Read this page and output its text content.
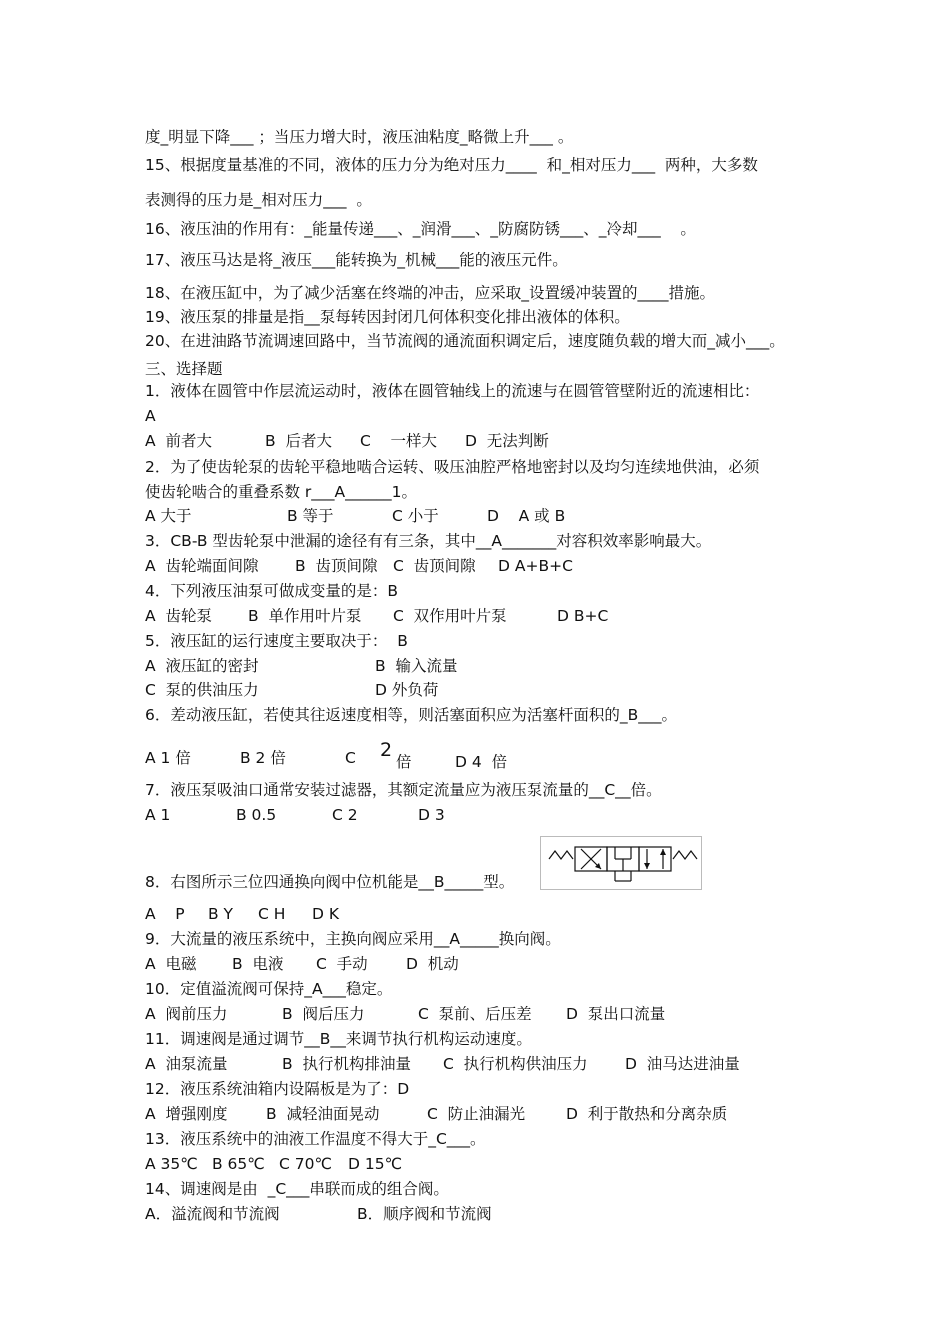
度_明显下降___ ；当压力增大时，液压油粘度_略微上升___ 。
15、根据度量基准的不同，液体的压力分为绝对压力____  和_相对压力___  两种，大多数
表测得的压力是_相对压力___  。
16、液压油的作用有：_能量传递___、_润滑___、_防腐防锈___、_冷却___    。
17、液压马达是将_液压___能转换为_机械___能的液压元件。
18、在液压缸中，为了减少活塞在终端的冲击，应采取_设置缓冲装置的____措施。
19、液压泵的排量是指__泵每转因封闭几何体积变化排出液体的体积。
20、在进油路节流调速回路中，当节流阀的通流面积调定后，速度随负载的增大而_减小___。
三、选择题
1．液体在圆管中作层流运动时，液体在圆管轴线上的流速与在圆管管壁附近的流速相比：
A
A  前者大	B  后者大 C    一样大 D  无法判断
2．为了使齿轮泵的齿轮平稳地啮合运转、吸压油腔严格地密封以及均匀连续地供油，必须
使齿轮啮合的重叠系数 r___A______1。
A 大于	B 等于	C 小于	D    A 或 B
3．CB-B 型齿轮泵中泄漏的途径有有三条，其中__A_______对容积效率影响最大。
A  齿轮端面间隙 B  齿顶间隙 C  齿顶间隙 D A+B+C
4．下列液压油泵可做成变量的是：B
A  齿轮泵 B  单作用叶片泵 C  双作用叶片泵	D B+C
5．液压缸的运行速度主要取决于：  B
A  液压缸的密封	B  输入流量
C  泵的供油压力	D 外负荷
6．差动液压缸，若使其往返速度相等，则活塞面积应为活塞杆面积的_B___。
A 1 倍	B 2 倍	C 2
倍	D 4  倍
7．液压泵吸油口通常安装过滤器，其额定流量应为液压泵流量的__C__倍。
A 1	B 0.5	C 2	D 3
8．右图所示三位四通换向阀中位机能是__B_____型。
A    P B Y C H D K
9．大流量的液压系统中，主换向阀应采用__A_____换向阀。
A  电磁 B  电液 C  手动 D  机动
10．定值溢流阀可保持_A___稳定。
A  阀前压力	B  阀后压力	C  泵前、后压差 D  泵出口流量
11．调速阀是通过调节__B__来调节执行机构运动速度。
A  油泵流量	B  执行机构排油量 C  执行机构供油压力 D  油马达进油量
12．液压系统油箱内设隔板是为了：D
A  增强刚度 B  减轻油面晃动	C  防止油漏光	D  利于散热和分离杂质
13．液压系统中的油液工作温度不得大于_C___。
A 35℃ B 65℃ C 70℃ D 15℃
14、调速阀是由  _C___串联而成的组合阀。
A．溢流阀和节流阀	B．顺序阀和节流阀
